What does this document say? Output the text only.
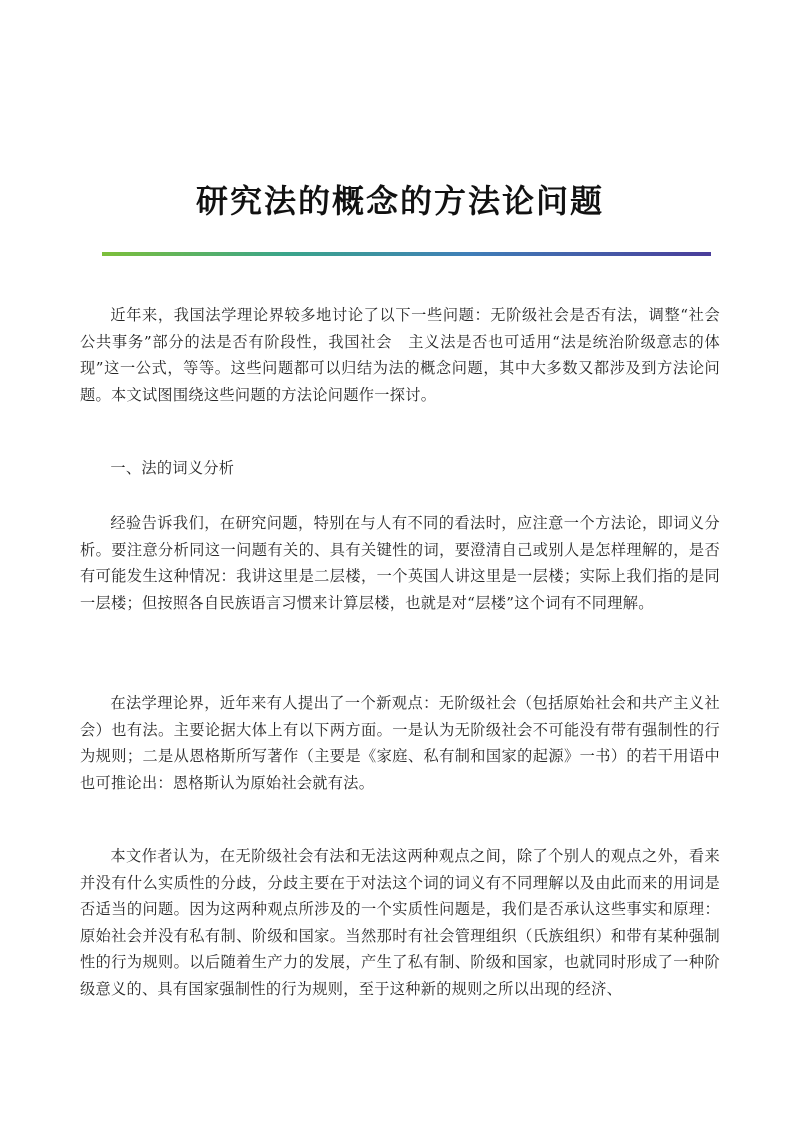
研究法的概念的方法论问题

近年来，我国法学理论界较多地讨论了以下一些问题：无阶级社会是否有法，调整“社会公共事务”部分的法是否有阶段性，我国社会　主义法是否也可适用“法是统治阶级意志的体现”这一公式，等等。这些问题都可以归结为法的概念问题，其中大多数又都涉及到方法论问题。本文试图围绕这些问题的方法论问题作一探讨。

一、法的词义分析

经验告诉我们，在研究问题，特别在与人有不同的看法时，应注意一个方法论，即词义分析。要注意分析同这一问题有关的、具有关键性的词，要澄清自己或别人是怎样理解的，是否有可能发生这种情况：我讲这里是二层楼，一个英国人讲这里是一层楼；实际上我们指的是同一层楼；但按照各自民族语言习惯来计算层楼，也就是对“层楼”这个词有不同理解。

在法学理论界，近年来有人提出了一个新观点：无阶级社会（包括原始社会和共产主义社会）也有法。主要论据大体上有以下两方面。一是认为无阶级社会不可能没有带有强制性的行为规则；二是从恩格斯所写著作（主要是《家庭、私有制和国家的起源》一书）的若干用语中也可推论出：恩格斯认为原始社会就有法。

本文作者认为，在无阶级社会有法和无法这两种观点之间，除了个别人的观点之外，看来并没有什么实质性的分歧，分歧主要在于对法这个词的词义有不同理解以及由此而来的用词是否适当的问题。因为这两种观点所涉及的一个实质性问题是，我们是否承认这些事实和原理：原始社会并没有私有制、阶级和国家。当然那时有社会管理组织（氏族组织）和带有某种强制性的行为规则。以后随着生产力的发展，产生了私有制、阶级和国家，也就同时形成了一种阶级意义的、具有国家强制性的行为规则，至于这种新的规则之所以出现的经济、
